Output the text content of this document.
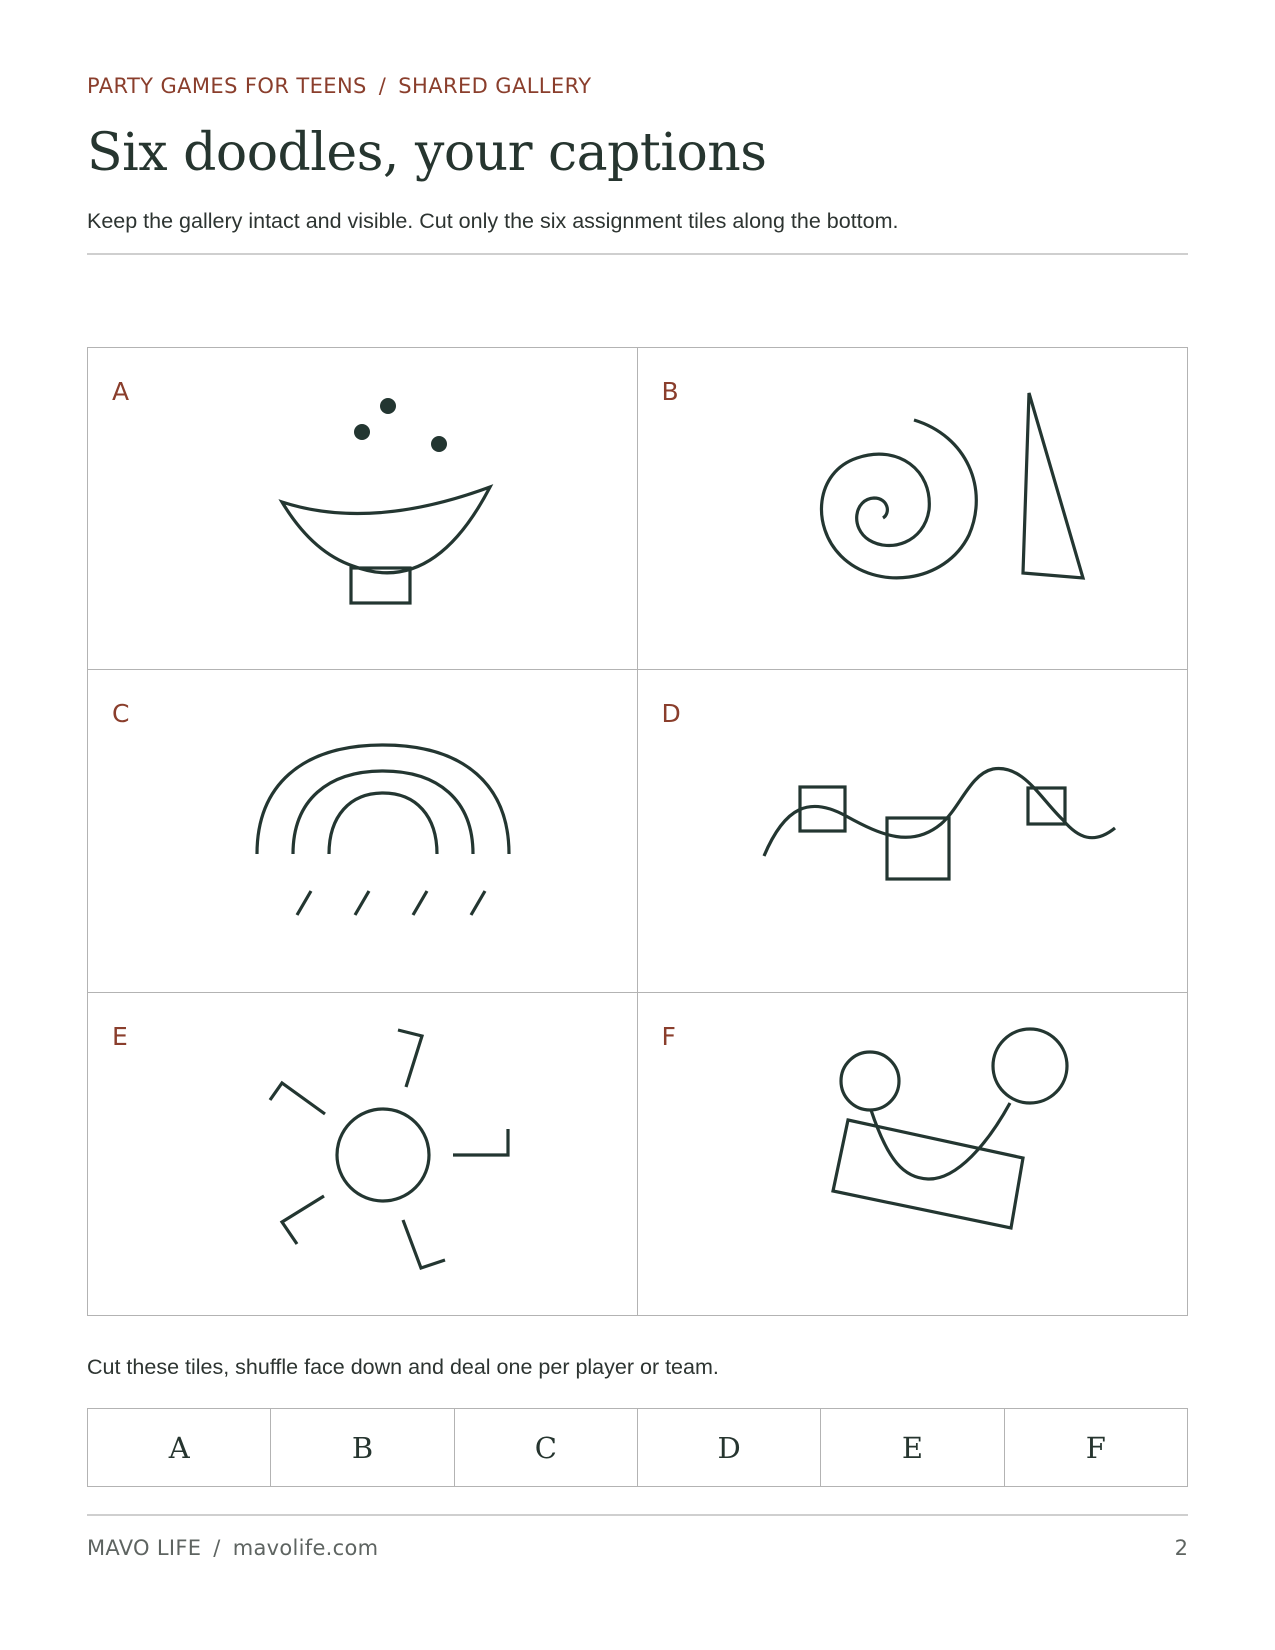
PARTY GAMES FOR TEENS / SHARED GALLERY
Six doodles, your captions
Keep the gallery intact and visible. Cut only the six assignment tiles along the bottom.
A	B
C	D
E	F
Cut these tiles, shuffle face down and deal one per player or team.
A	B	C	D	E	F
MAVO LIFE / mavolife.com	2
